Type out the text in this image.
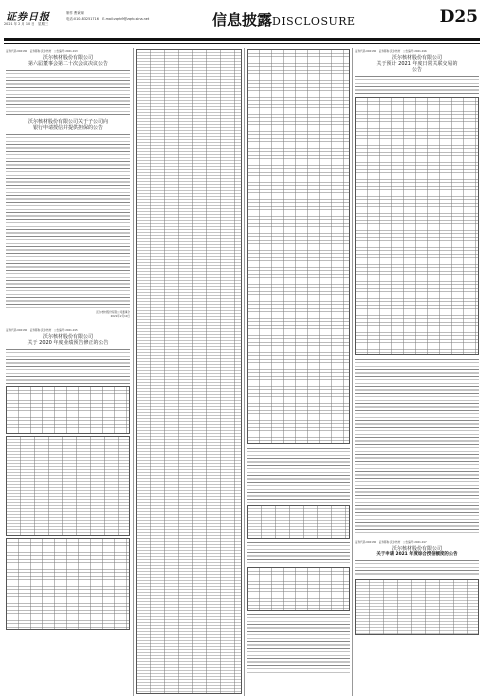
证券日报
2021 年 2 月 10 日　星期三
制作 曹秉琛
电话:010-83251716　E-mail:zqrb9@zqrb.sina.net	信息披露DISCLOSURE	D25
证券代码:002130　证券简称:沃尔核材　公告编号:2021-013
沃尔核材股份有限公司
第六届董事会第二十次会议决议公告
沃尔核材股份有限公司关于子公司向
银行申请授信并提供担保的公告
沃尔核材股份有限公司董事会
2021年2月10日
证券代码:002130　证券简称:沃尔核材　公告编号:2021-015
沃尔核材股份有限公司
关于 2020 年度业绩预告修正的公告
证券代码:002130　证券简称:沃尔核材　公告编号:2021-016
沃尔核材股份有限公司
关于预计 2021 年度日常关联交易的
公告
证券代码:002130　证券简称:沃尔核材　公告编号:2021-017
沃尔核材股份有限公司
关于申请 2021 年度综合授信额度的公告
